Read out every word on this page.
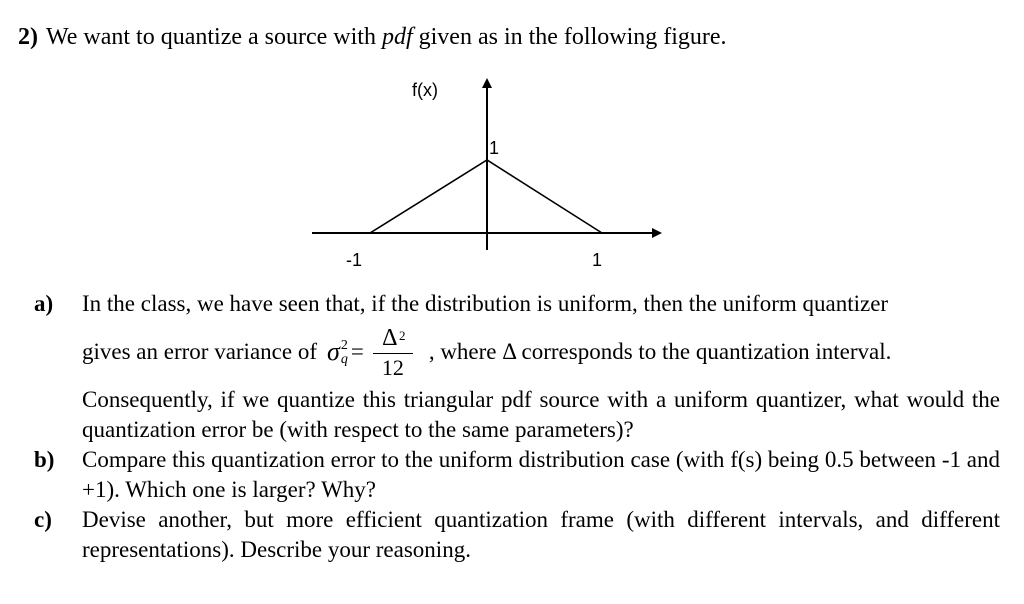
2) We want to quantize a source with pdf given as in the following figure.
f(x)
1
-1	1
a)	In the class, we have seen that, if the distribution is uniform, then the uniform quantizer
gives an error variance of σ 2
$q = \frac{\Delta 2}{12}$ , where Δ corresponds to the quantization interval.
Consequently, if we quantize this triangular pdf source with a uniform quantizer, what would the quantization error be (with respect to the same parameters)?
b)	Compare this quantization error to the uniform distribution case (with f(s) being 0.5 between -1 and +1). Which one is larger? Why?
c)	Devise another, but more efficient quantization frame (with different intervals, and different representations). Describe your reasoning.
